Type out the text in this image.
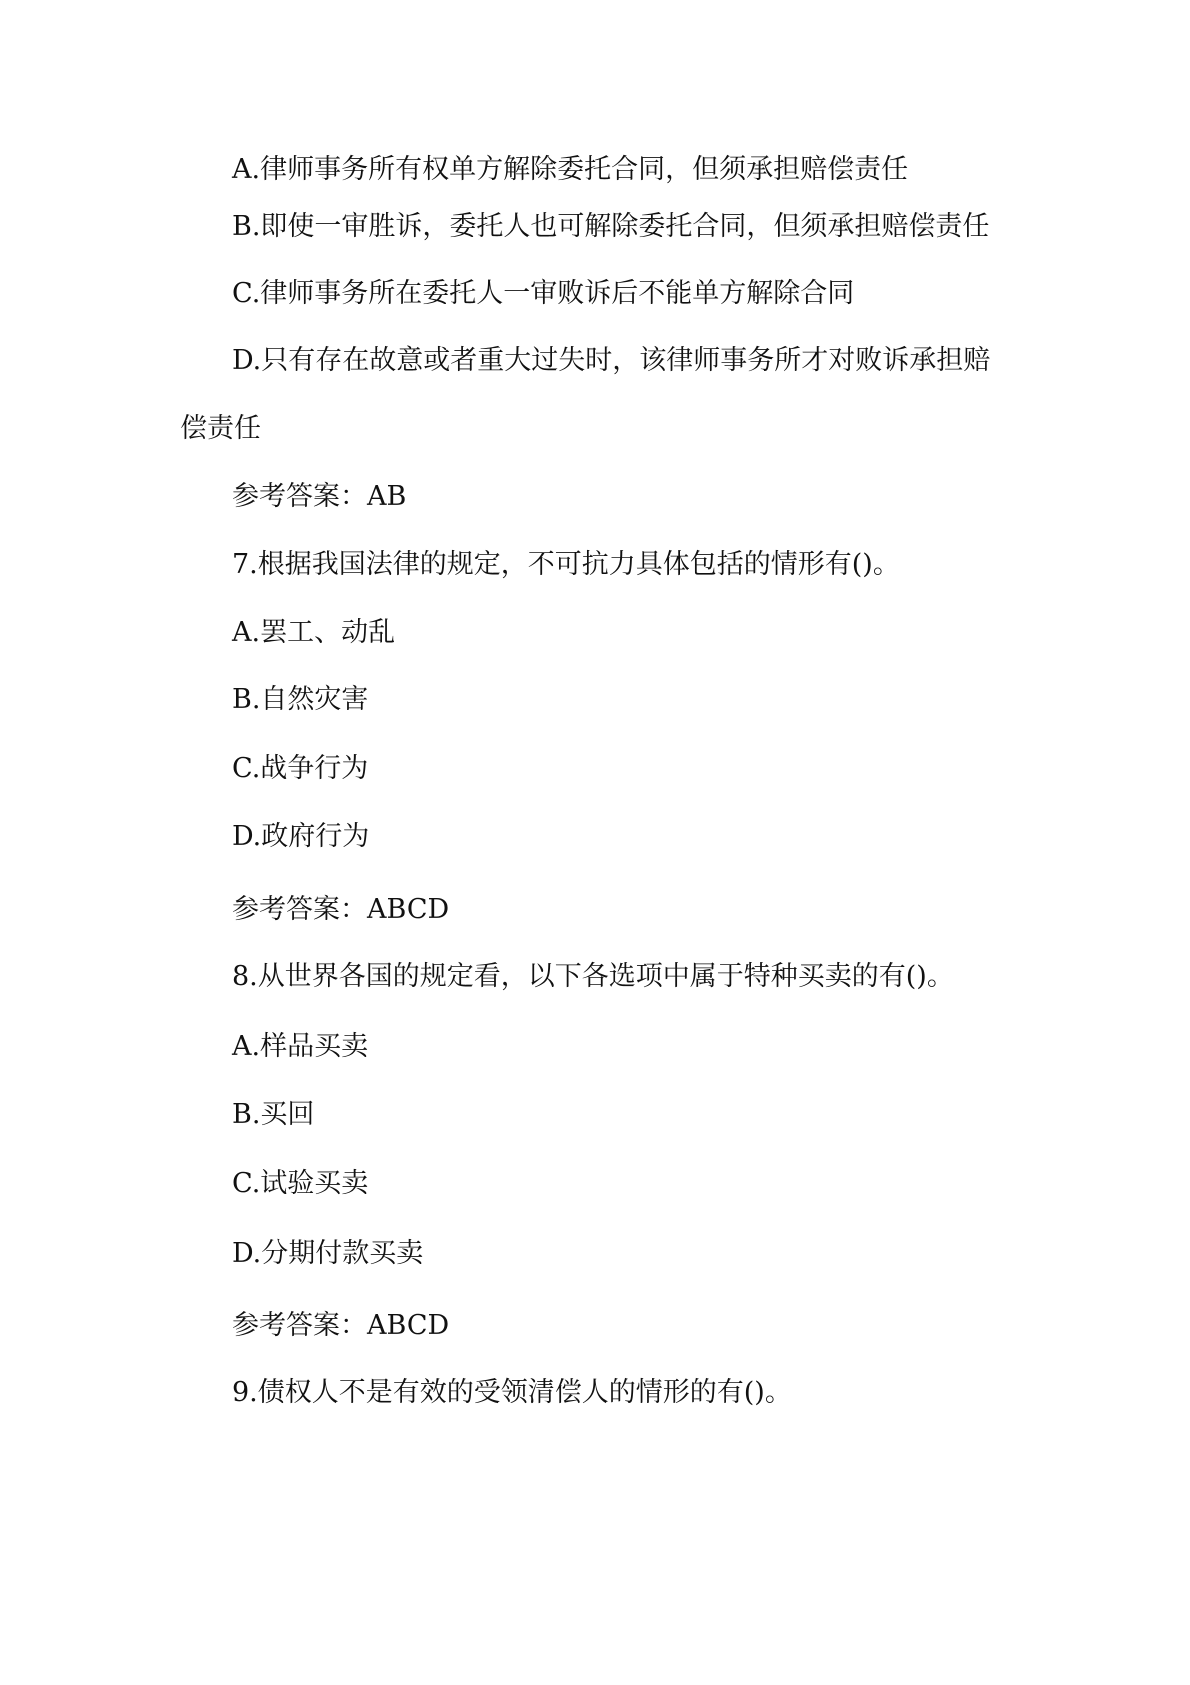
A.律师事务所有权单方解除委托合同，但须承担赔偿责任
B.即使一审胜诉，委托人也可解除委托合同，但须承担赔偿责任
C.律师事务所在委托人一审败诉后不能单方解除合同
D.只有存在故意或者重大过失时，该律师事务所才对败诉承担赔
偿责任
参考答案：AB
7.根据我国法律的规定，不可抗力具体包括的情形有()。
A.罢工、动乱
B.自然灾害
C.战争行为
D.政府行为
参考答案：ABCD
8.从世界各国的规定看，以下各选项中属于特种买卖的有()。
A.样品买卖
B.买回
C.试验买卖
D.分期付款买卖
参考答案：ABCD
9.债权人不是有效的受领清偿人的情形的有()。
